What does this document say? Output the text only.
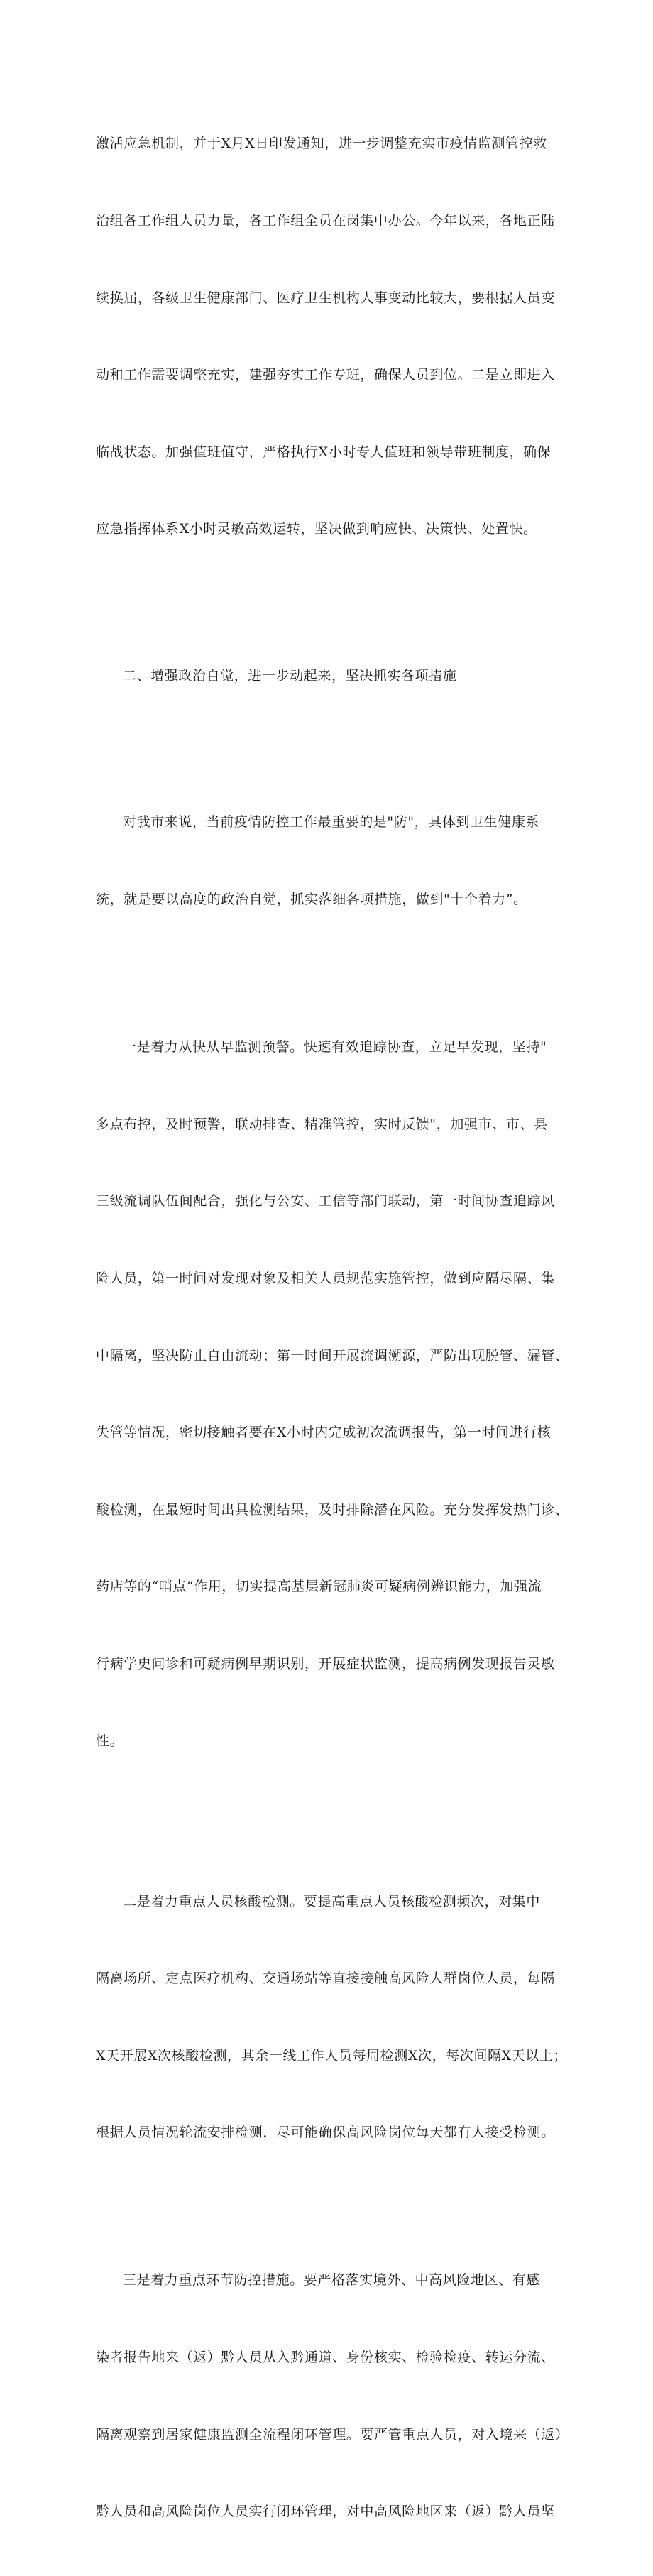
激活应急机制，并于X月X日印发通知，进一步调整充实市疫情监测管控救

治组各工作组人员力量，各工作组全员在岗集中办公。今年以来，各地正陆

续换届，各级卫生健康部门、医疗卫生机构人事变动比较大，要根据人员变

动和工作需要调整充实，建强夯实工作专班，确保人员到位。二是立即进入

临战状态。加强值班值守，严格执行X小时专人值班和领导带班制度，确保

应急指挥体系X小时灵敏高效运转，坚决做到响应快、决策快、处置快。

二、增强政治自觉，进一步动起来，坚决抓实各项措施

对我市来说，当前疫情防控工作最重要的是"防"，具体到卫生健康系

统，就是要以高度的政治自觉，抓实落细各项措施，做到"十个着力”。

一是着力从快从早监测预警。快速有效追踪协查，立足早发现，坚持"

多点布控，及时预警，联动排查、精准管控，实时反馈"，加强市、市、县

三级流调队伍间配合，强化与公安、工信等部门联动，第一时间协查追踪风

险人员，第一时间对发现对象及相关人员规范实施管控，做到应隔尽隔、集

中隔离，坚决防止自由流动；第一时间开展流调溯源，严防出现脱管、漏管、

失管等情况，密切接触者要在X小时内完成初次流调报告，第一时间进行核

酸检测，在最短时间出具检测结果，及时排除潜在风险。充分发挥发热门诊、

药店等的“哨点”作用，切实提高基层新冠肺炎可疑病例辨识能力，加强流

行病学史问诊和可疑病例早期识别，开展症状监测，提高病例发现报告灵敏

性。

二是着力重点人员核酸检测。要提高重点人员核酸检测频次，对集中

隔离场所、定点医疗机构、交通场站等直接接触高风险人群岗位人员，每隔

X天开展X次核酸检测，其余一线工作人员每周检测X次，每次间隔X天以上；

根据人员情况轮流安排检测，尽可能确保高风险岗位每天都有人接受检测。

三是着力重点环节防控措施。要严格落实境外、中高风险地区、有感

染者报告地来（返）黔人员从入黔通道、身份核实、检验检疫、转运分流、

隔离观察到居家健康监测全流程闭环管理。要严管重点人员，对入境来（返）

黔人员和高风险岗位人员实行闭环管理，对中高风险地区来（返）黔人员坚
